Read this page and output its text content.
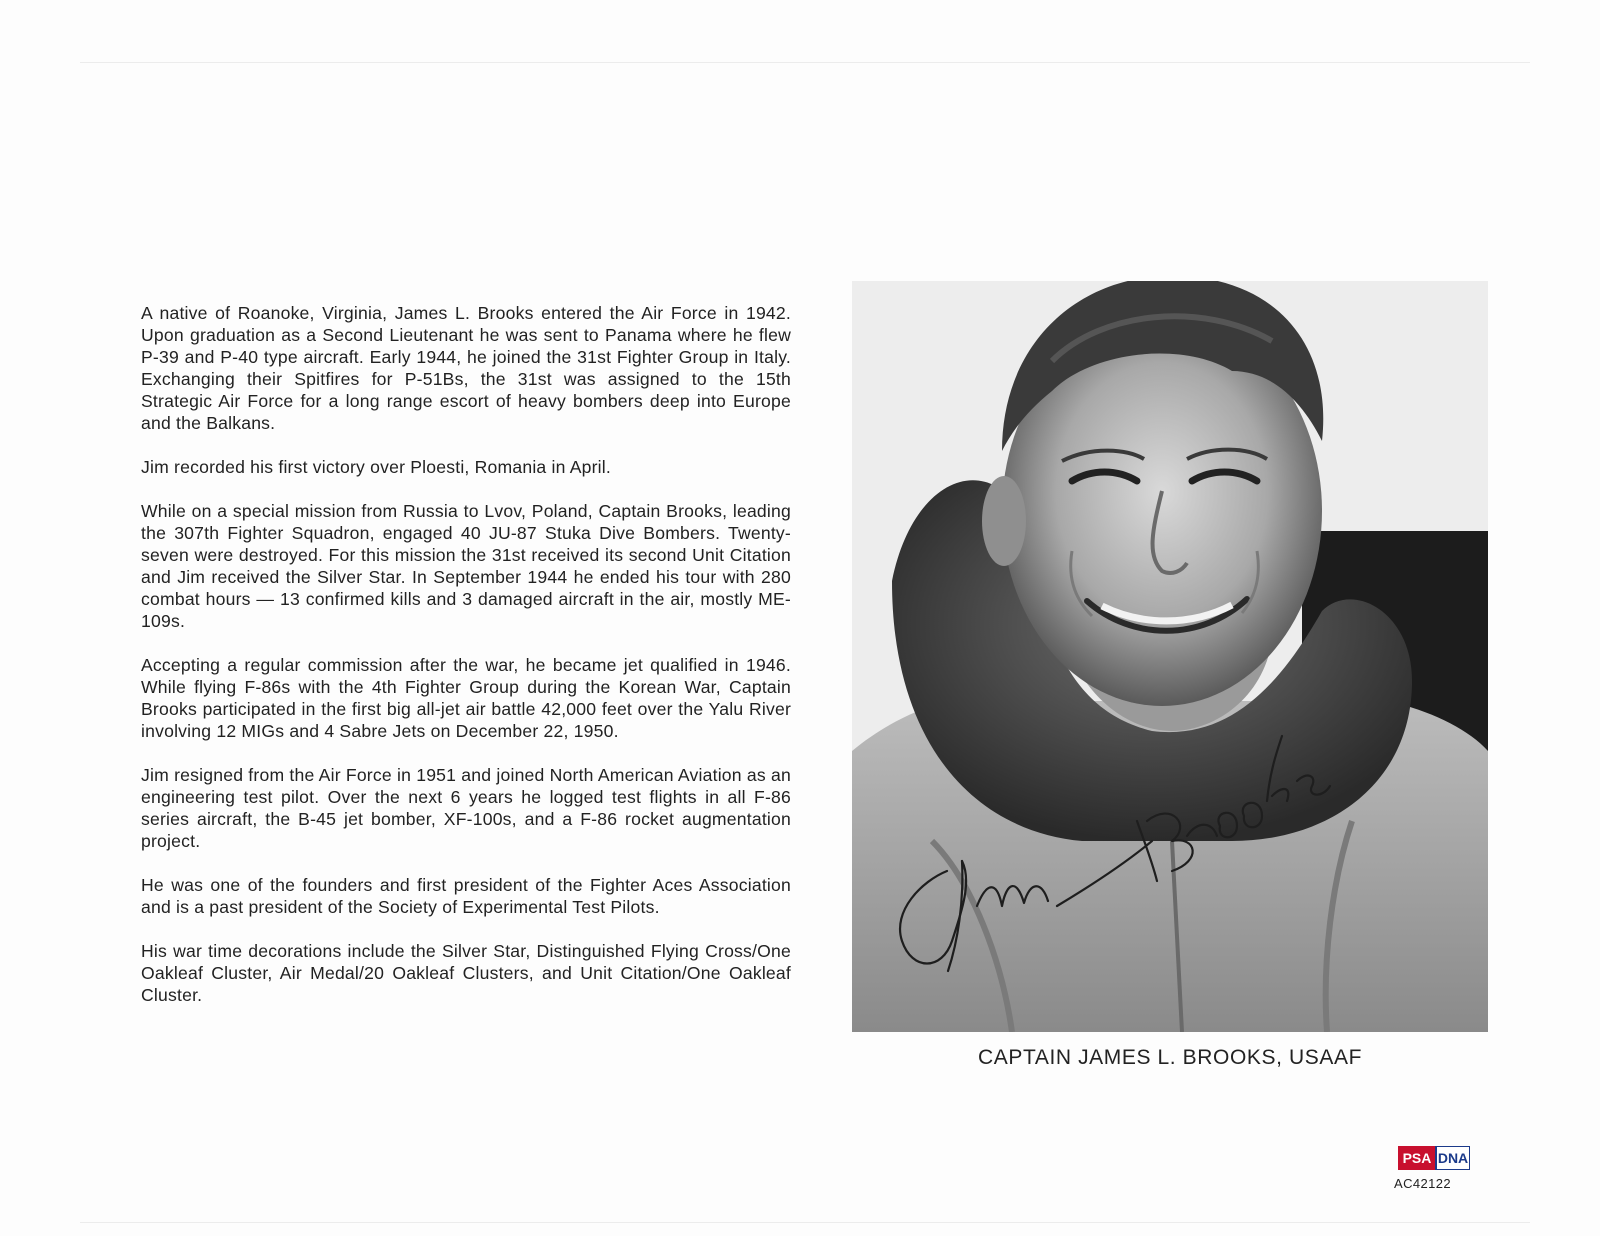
A native of Roanoke, Virginia, James L. Brooks entered the Air Force in 1942. Upon graduation as a Second Lieutenant he was sent to Panama where he flew P-39 and P-40 type aircraft. Early 1944, he joined the 31st Fighter Group in Italy. Exchanging their Spitfires for P-51Bs, the 31st was assigned to the 15th Strategic Air Force for a long range escort of heavy bombers deep into Europe and the Balkans.

Jim recorded his first victory over Ploesti, Romania in April.

While on a special mission from Russia to Lvov, Poland, Captain Brooks, leading the 307th Fighter Squadron, engaged 40 JU-87 Stuka Dive Bombers. Twenty-seven were destroyed. For this mission the 31st received its second Unit Citation and Jim received the Silver Star. In September 1944 he ended his tour with 280 combat hours — 13 confirmed kills and 3 damaged aircraft in the air, mostly ME-109s.

Accepting a regular commission after the war, he became jet qualified in 1946. While flying F-86s with the 4th Fighter Group during the Korean War, Captain Brooks participated in the first big all-jet air battle 42,000 feet over the Yalu River involving 12 MIGs and 4 Sabre Jets on December 22, 1950.

Jim resigned from the Air Force in 1951 and joined North American Aviation as an engineering test pilot. Over the next 6 years he logged test flights in all F-86 series aircraft, the B-45 jet bomber, XF-100s, and a F-86 rocket augmentation project.

He was one of the founders and first president of the Fighter Aces Association and is a past president of the Society of Experimental Test Pilots.

His war time decorations include the Silver Star, Distinguished Flying Cross/One Oakleaf Cluster, Air Medal/20 Oakleaf Clusters, and Unit Citation/One Oakleaf Cluster.

CAPTAIN JAMES L. BROOKS, USAAF
PSA DNA
AC42122
